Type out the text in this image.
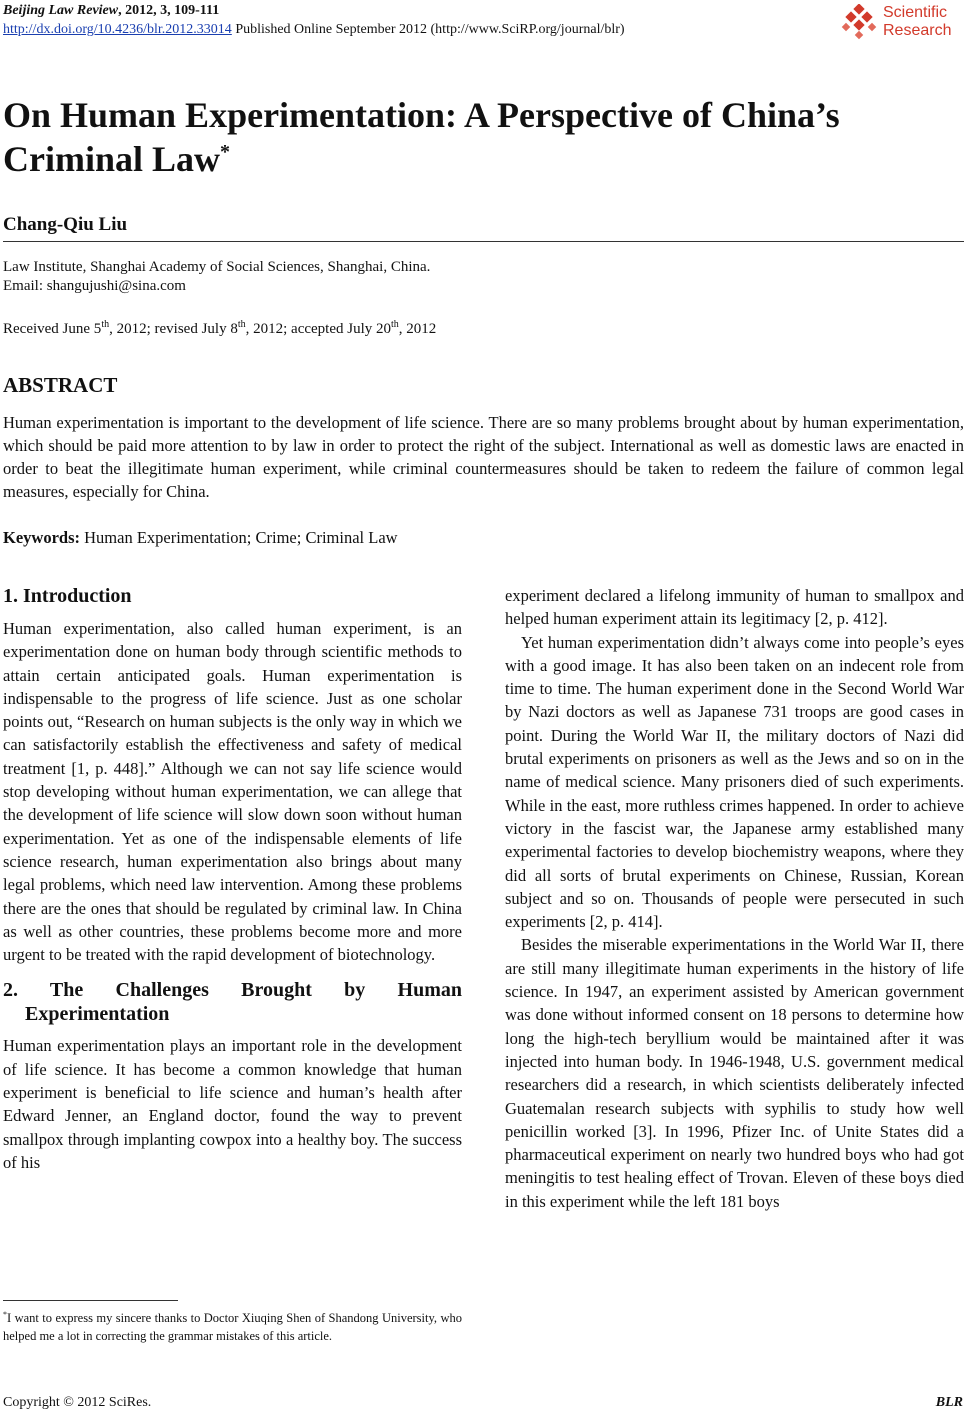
Beijing Law Review, 2012, 3, 109-111
http://dx.doi.org/10.4236/blr.2012.33014 Published Online September 2012 (http://www.SciRP.org/journal/blr)
Scientific
Research
On Human Experimentation: A Perspective of China’s Criminal Law*
Chang-Qiu Liu
Law Institute, Shanghai Academy of Social Sciences, Shanghai, China.
Email: shangujushi@sina.com
Received June 5th, 2012; revised July 8th, 2012; accepted July 20th, 2012
ABSTRACT

Human experimentation is important to the development of life science. There are so many problems brought about by human experimentation, which should be paid more attention to by law in order to protect the right of the subject. International as well as domestic laws are enacted in order to beat the illegitimate human experiment, while criminal countermeasures should be taken to redeem the failure of common legal measures, especially for China.

Keywords: Human Experimentation; Crime; Criminal Law
1. Introduction

Human experimentation, also called human experiment, is an experimentation done on human body through scientific methods to attain certain anticipated goals. Human experimentation is indispensable to the progress of life science. Just as one scholar points out, “Research on human subjects is the only way in which we can satisfactorily establish the effectiveness and safety of medical treatment [1, p. 448].” Although we can not say life science would stop developing without human experimentation, we can allege that the development of life science will slow down soon without human experimentation. Yet as one of the indispensable elements of life science research, human experimentation also brings about many legal problems, which need law intervention. Among these problems there are the ones that should be regulated by criminal law. In China as well as other countries, these problems become more and more urgent to be treated with the rapid development of biotechnology.

2. The Challenges Brought by Human Experimentation

Human experimentation plays an important role in the development of life science. It has become a common knowledge that human experiment is beneficial to life science and human’s health after Edward Jenner, an England doctor, found the way to prevent smallpox through implanting cowpox into a healthy boy. The success of his

experiment declared a lifelong immunity of human to smallpox and helped human experiment attain its legitimacy [2, p. 412].

Yet human experimentation didn’t always come into people’s eyes with a good image. It has also been taken on an indecent role from time to time. The human experiment done in the Second World War by Nazi doctors as well as Japanese 731 troops are good cases in point. During the World War II, the military doctors of Nazi did brutal experiments on prisoners as well as the Jews and so on in the name of medical science. Many prisoners died of such experiments. While in the east, more ruthless crimes happened. In order to achieve victory in the fascist war, the Japanese army established many experimental factories to develop biochemistry weapons, where they did all sorts of brutal experiments on Chinese, Russian, Korean subject and so on. Thousands of people were persecuted in such experiments [2, p. 414].

Besides the miserable experimentations in the World War II, there are still many illegitimate human experiments in the history of life science. In 1947, an experiment assisted by American government was done without informed consent on 18 persons to determine how long the high-tech beryllium would be maintained after it was injected into human body. In 1946-1948, U.S. government medical researchers did a research, in which scientists deliberately infected Guatemalan research subjects with syphilis to study how well penicillin worked [3]. In 1996, Pfizer Inc. of Unite States did a pharmaceutical experiment on nearly two hundred boys who had got meningitis to test healing effect of Trovan. Eleven of these boys died in this experiment while the left 181 boys

*I want to express my sincere thanks to Doctor Xiuqing Shen of Shandong University, who helped me a lot in correcting the grammar mistakes of this article.
Copyright © 2012 SciRes.	BLR
